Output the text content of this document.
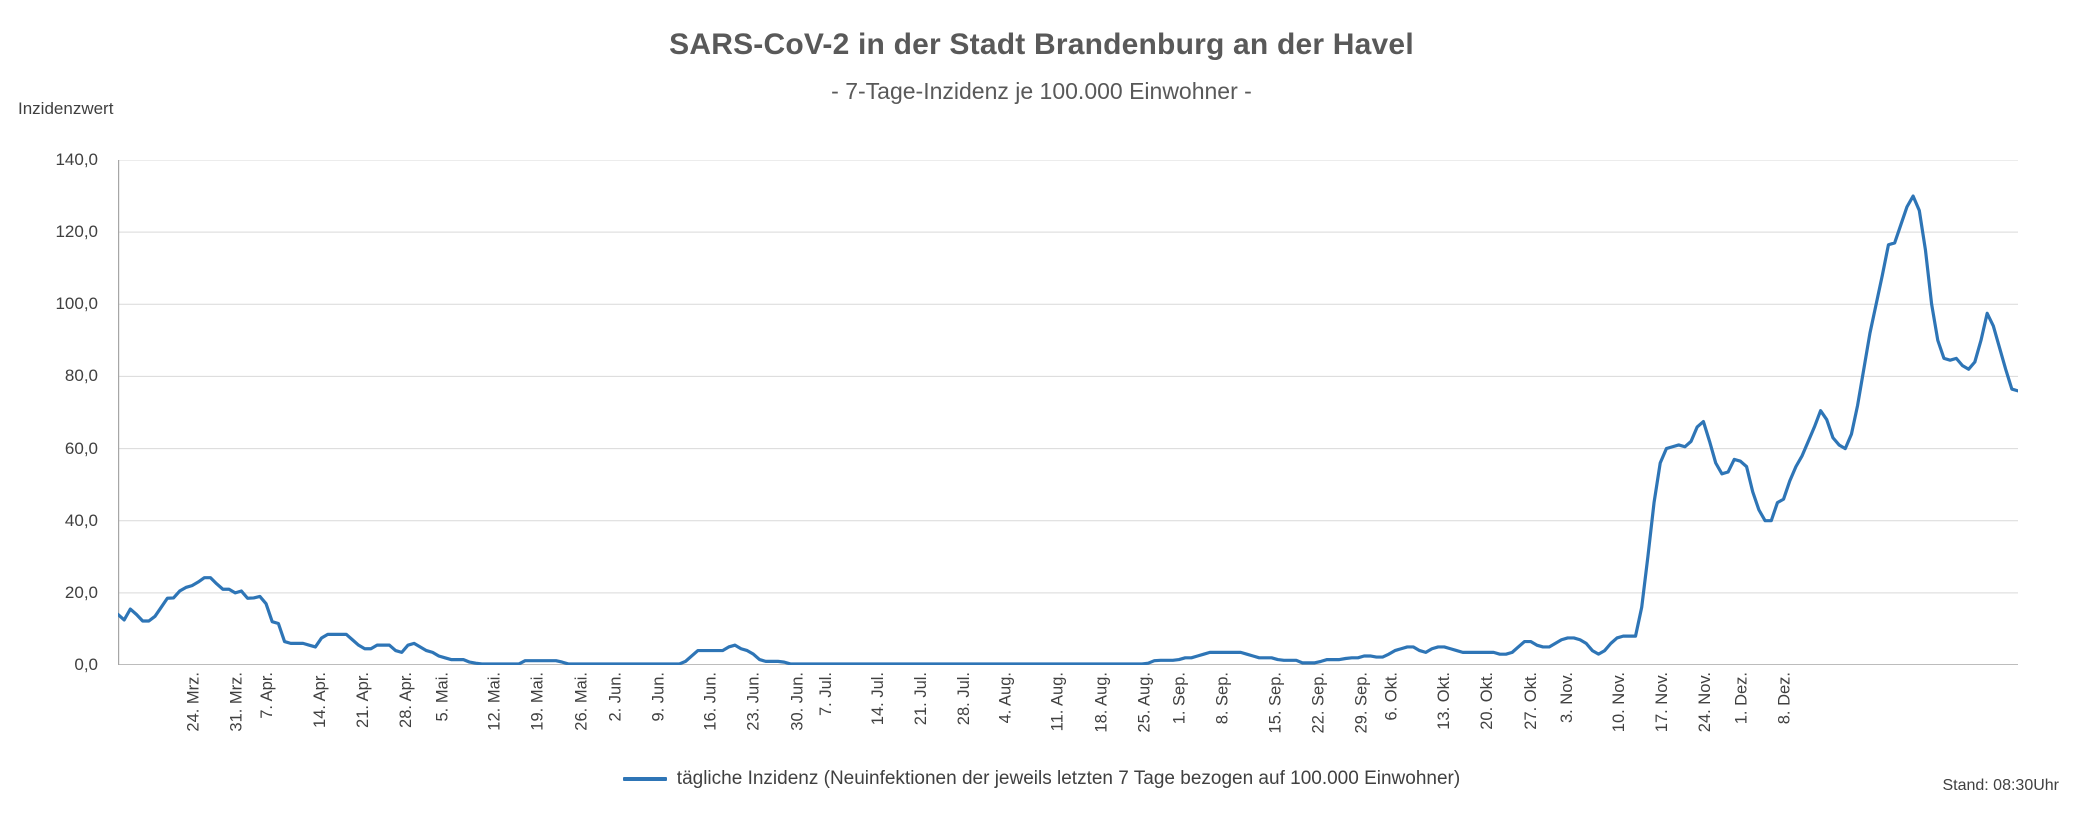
SARS-CoV-2 in der Stadt Brandenburg an der Havel
- 7-Tage-Inzidenz je 100.000 Einwohner -
Inzidenzwert
0,0
20,0
40,0
60,0
80,0
100,0
120,0
140,0
24. Mrz. 31. Mrz. 7. Apr. 14. Apr. 21. Apr. 28. Apr. 5. Mai. 12. Mai. 19. Mai. 26. Mai. 2. Jun. 9. Jun. 16. Jun. 23. Jun. 30. Jun. 7. Jul. 14. Jul. 21. Jul. 28. Jul. 4. Aug. 11. Aug. 18. Aug. 25. Aug. 1. Sep. 8. Sep. 15. Sep. 22. Sep. 29. Sep. 6. Okt. 13. Okt. 20. Okt. 27. Okt. 3. Nov. 10. Nov. 17. Nov. 24. Nov. 1. Dez. 8. Dez.
tägliche Inzidenz (Neuinfektionen der jeweils letzten 7 Tage bezogen auf 100.000 Einwohner)	Stand: 08:30Uhr
